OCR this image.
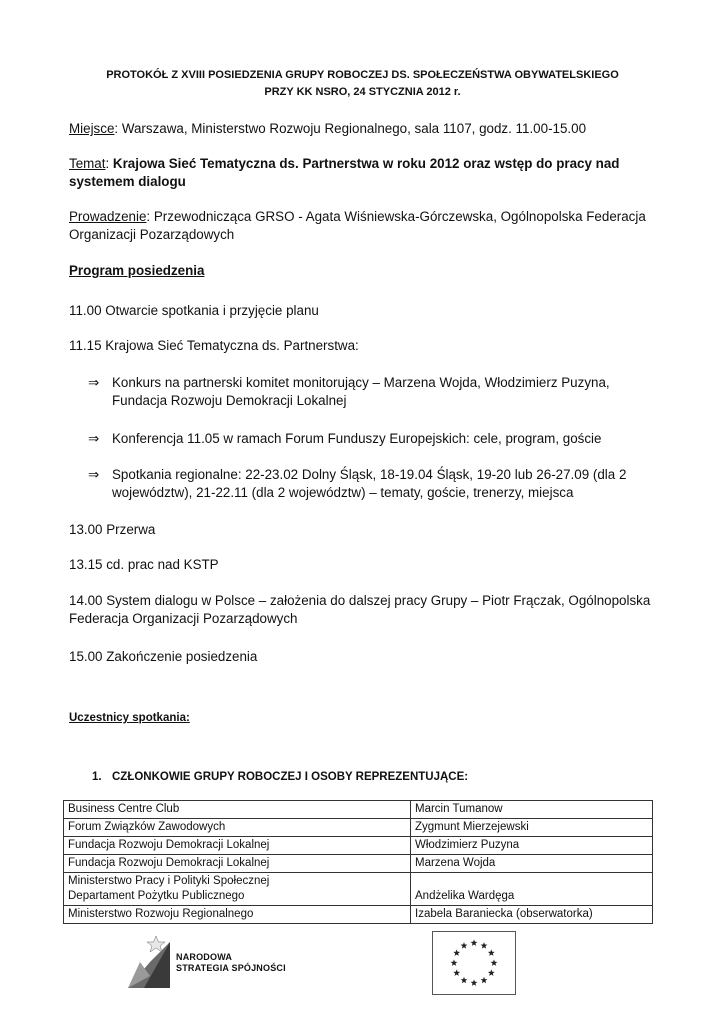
PROTOKÓŁ Z XVIII POSIEDZENIA GRUPY ROBOCZEJ DS. SPOŁECZEŃSTWA OBYWATELSKIEGO
PRZY KK NSRO, 24 STYCZNIA 2012 r.
Miejsce: Warszawa, Ministerstwo Rozwoju Regionalnego, sala 1107, godz. 11.00-15.00
Temat: Krajowa Sieć Tematyczna ds. Partnerstwa w roku 2012 oraz wstęp do pracy nad systemem dialogu
Prowadzenie: Przewodnicząca GRSO - Agata Wiśniewska-Górczewska, Ogólnopolska Federacja Organizacji Pozarządowych
Program posiedzenia
11.00 Otwarcie spotkania i przyjęcie planu
11.15 Krajowa Sieć Tematyczna ds. Partnerstwa:
⇒ Konkurs na partnerski komitet monitorujący – Marzena Wojda, Włodzimierz Puzyna, Fundacja Rozwoju Demokracji Lokalnej
⇒ Konferencja 11.05 w ramach Forum Funduszy Europejskich: cele, program, goście
⇒ Spotkania regionalne: 22-23.02 Dolny Śląsk, 18-19.04 Śląsk, 19-20 lub 26-27.09 (dla 2 województw), 21-22.11 (dla 2 województw) – tematy, goście, trenerzy, miejsca
13.00 Przerwa
13.15 cd. prac nad KSTP
14.00 System dialogu w Polsce – założenia do dalszej pracy Grupy – Piotr Frączak, Ogólnopolska Federacja Organizacji Pozarządowych
15.00 Zakończenie posiedzenia
Uczestnicy spotkania:
1. CZŁONKOWIE GRUPY ROBOCZEJ I OSOBY REPREZENTUJĄCE:
Business Centre Club	Marcin Tumanow
Forum Związków Zawodowych	Zygmunt Mierzejewski
Fundacja Rozwoju Demokracji Lokalnej	Włodzimierz Puzyna
Fundacja Rozwoju Demokracji Lokalnej	Marzena Wojda

Ministerstwo Pracy i Polityki Społecznej
Departament Pożytku Publicznego	Andżelika Wardęga
Ministerstwo Rozwoju Regionalnego	Izabela Baraniecka (obserwatorka)
NARODOWA
STRATEGIA SPÓJNOŚCI
